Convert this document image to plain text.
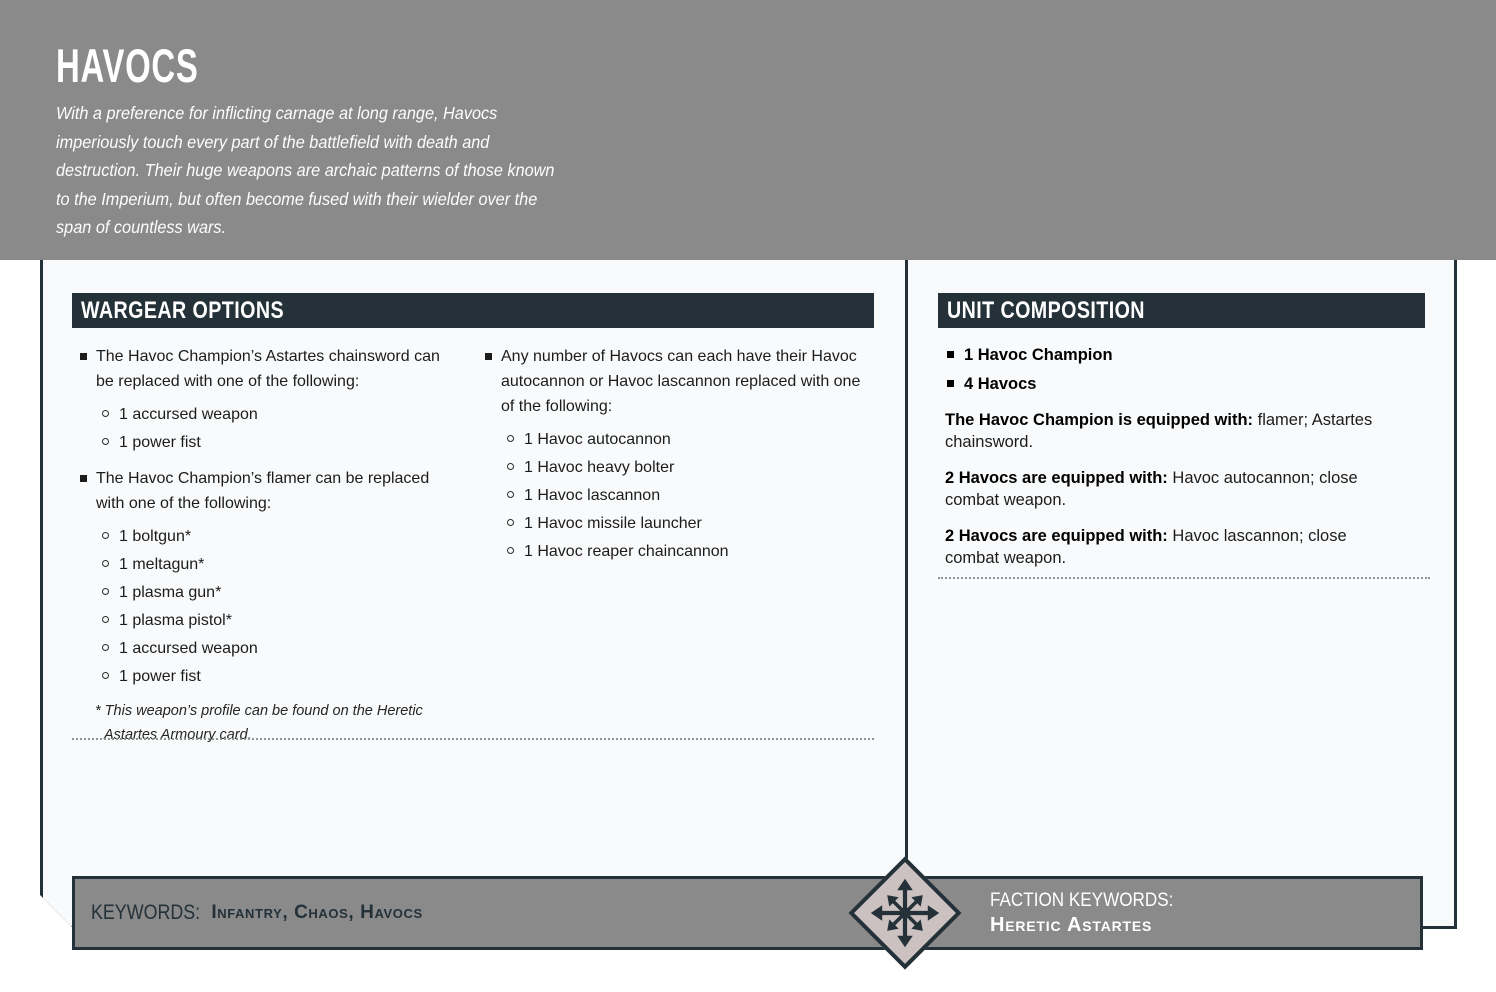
HAVOCS
With a preference for inflicting carnage at long range, Havocs
imperiously touch every part of the battlefield with death and
destruction. Their huge weapons are archaic patterns of those known
to the Imperium, but often become fused with their wielder over the
span of countless wars.
WARGEAR OPTIONS	UNIT COMPOSITION
The Havoc Champion’s Astartes chainsword can be replaced with one of the following:
1 accursed weapon
1 power fist
The Havoc Champion’s flamer can be replaced with one of the following:
1 boltgun*
1 meltagun*
1 plasma gun*
1 plasma pistol*
1 accursed weapon
1 power fist
* This weapon’s profile can be found on the Heretic Astartes Armoury card.
Any number of Havocs can each have their Havoc autocannon or Havoc lascannon replaced with one of the following:
1 Havoc autocannon
1 Havoc heavy bolter
1 Havoc lascannon
1 Havoc missile launcher
1 Havoc reaper chaincannon
1 Havoc Champion
4 Havocs
The Havoc Champion is equipped with: flamer; Astartes chainsword.
2 Havocs are equipped with: Havoc autocannon; close combat weapon.
2 Havocs are equipped with: Havoc lascannon; close combat weapon.
KEYWORDS: Infantry, Chaos, Havocs
FACTION KEYWORDS:
Heretic Astartes
